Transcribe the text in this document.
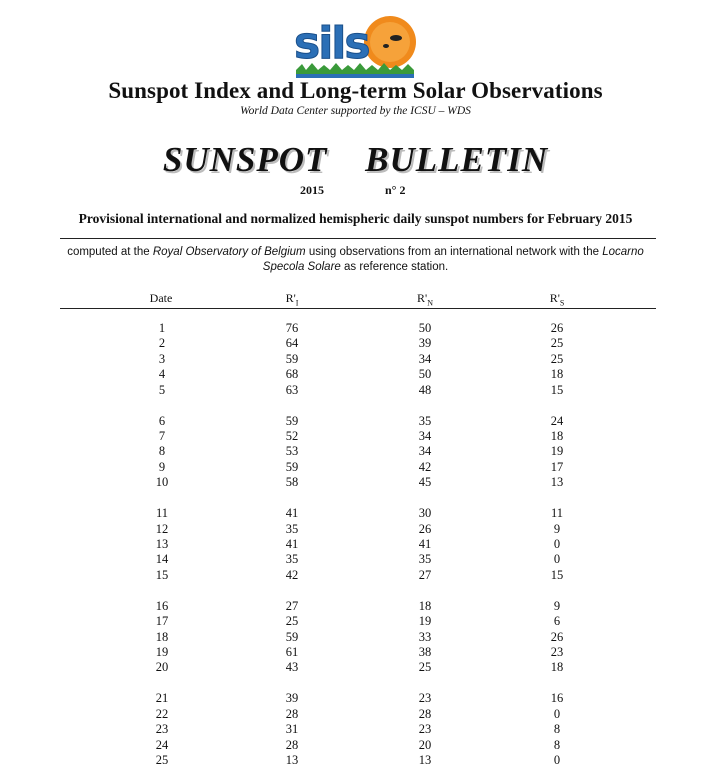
sils
Sunspot Index and Long-term Solar Observations
World Data Center supported by the ICSU – WDS
SUNSPOT BULLETIN
2015	n° 2
Provisional international and normalized hemispheric daily sunspot numbers for February 2015
computed at the Royal Observatory of Belgium using observations from an international network with the Locarno Specola Solare as reference station.
Date	$R'_I$	$R'_N$	$R'_S$
1	76	50	26
2	64	39	25
3	59	34	25
4	68	50	18
5	63	48	15
6	59	35	24
7	52	34	18
8	53	34	19
9	59	42	17
10	58	45	13
11	41	30	11
12	35	26	9
13	41	41	0
14	35	35	0
15	42	27	15
16	27	18	9
17	25	19	6
18	59	33	26
19	61	38	23
20	43	25	18
21	39	23	16
22	28	28	0
23	31	23	8
24	28	20	8
25	13	13	0
